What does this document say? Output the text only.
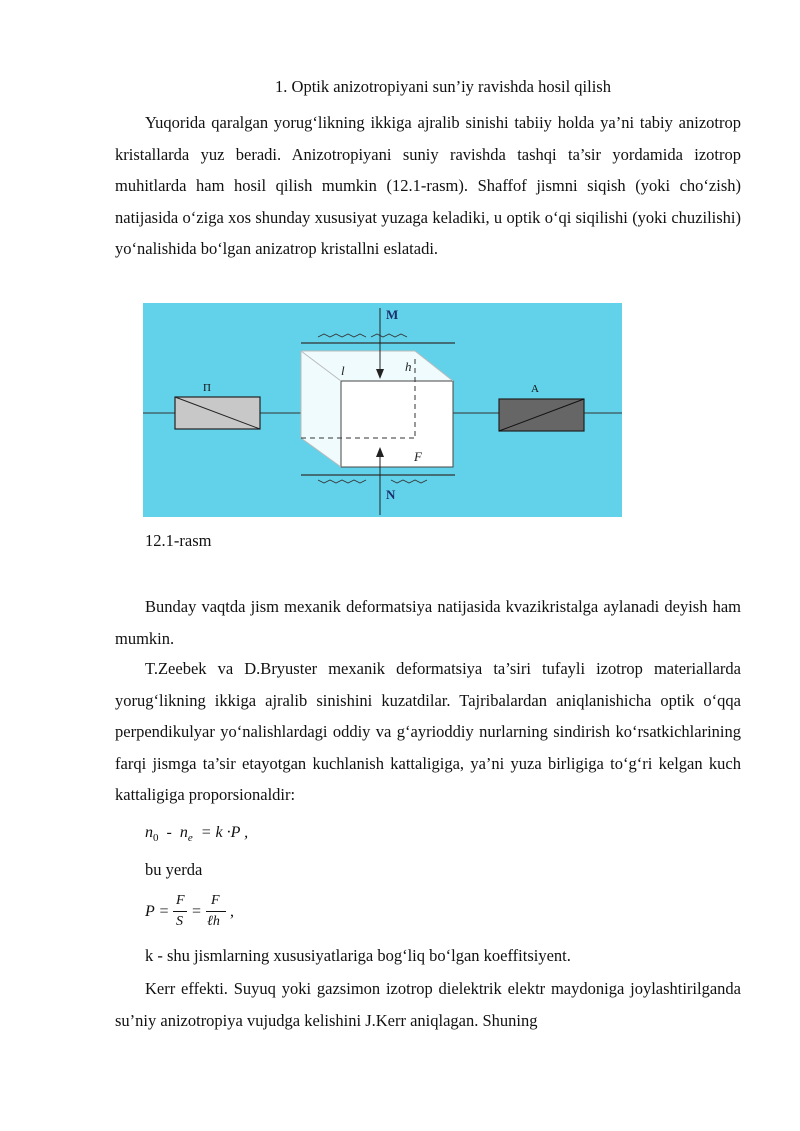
1. Optik anizotropiyani sun’iy ravishda hosil qilish

Yuqorida qaralgan yorug‘likning ikkiga ajralib sinishi tabiiy holda ya’ni tabiy anizotrop kristallarda yuz beradi. Anizotropiyani suniy ravishda tashqi ta’sir yordamida izotrop muhitlarda ham hosil qilish mumkin (12.1-rasm). Shaffof jismni siqish (yoki cho‘zish) natijasida o‘ziga xos shunday xususiyat yuzaga keladiki, u optik o‘qi siqilishi (yoki chuzilishi) yo‘nalishida bo‘lgan anizatrop kristallni eslatadi.

П	A
M
N
l	h
F
12.1-rasm

Bunday vaqtda jism mexanik deformatsiya natijasida kvazikristalga aylanadi deyish ham mumkin.

T.Zeebek va D.Bryuster mexanik deformatsiya ta’siri tufayli izotrop materiallarda yorug‘likning ikkiga ajralib sinishini kuzatdilar. Tajribalardan aniqlanishicha optik o‘qqa perpendikulyar yo‘nalishlardagi oddiy va g‘ayrioddiy nurlarning sindirish ko‘rsatkichlarining farqi jismga ta’sir etayotgan kuchlanish kattaligiga, ya’ni yuza birligiga to‘g‘ri kelgan kuch kattaligiga proporsionaldir:

$n_0 - n_e = k \cdot P$ ,
bu yerda
P =
F
S
=
F
ℓh
,
k - shu jismlarning xususiyatlariga bog‘liq bo‘lgan koeffitsiyent.

Kerr effekti. Suyuq yoki gazsimon izotrop dielektrik elektr maydoniga joylashtirilganda su’niy anizotropiya vujudga kelishini J.Kerr aniqlagan. Shuning
